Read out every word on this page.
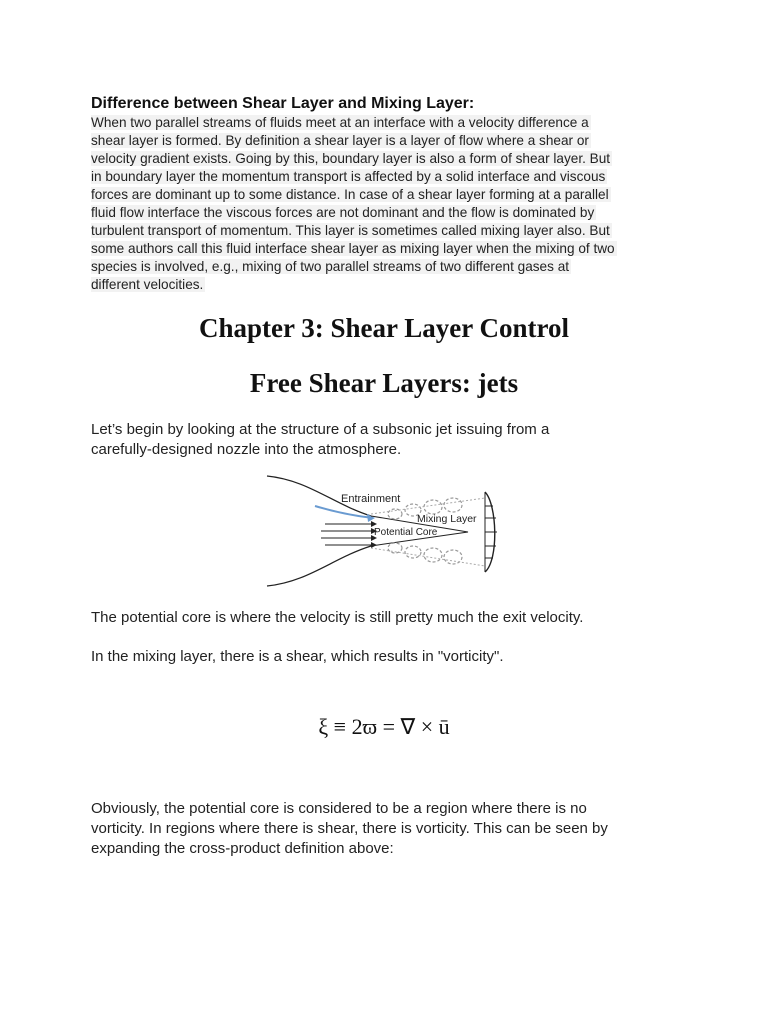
Difference between Shear Layer and Mixing Layer:
When two parallel streams of fluids meet at an interface with a velocity difference a
shear layer is formed. By definition a shear layer is a layer of flow where a shear or
velocity gradient exists. Going by this, boundary layer is also a form of shear layer. But
in boundary layer the momentum transport is affected by a solid interface and viscous
forces are dominant up to some distance. In case of a shear layer forming at a parallel
fluid flow interface the viscous forces are not dominant and the flow is dominated by
turbulent transport of momentum. This layer is sometimes called mixing layer also. But
some authors call this fluid interface shear layer as mixing layer when the mixing of two
species is involved, e.g., mixing of two parallel streams of two different gases at
different velocities.
Chapter 3: Shear Layer Control
Free Shear Layers: jets

Let’s begin by looking at the structure of a subsonic jet issuing from a
carefully-designed nozzle into the atmosphere.

Entrainment
Mixing Layer
Potential Core

The potential core is where the velocity is still pretty much the exit velocity.

In the mixing layer, there is a shear, which results in "vorticity".

ξ ≡ 2ϖ = ∇ × ū

Obviously, the potential core is considered to be a region where there is no
vorticity. In regions where there is shear, there is vorticity. This can be seen by
expanding the cross-product definition above:
